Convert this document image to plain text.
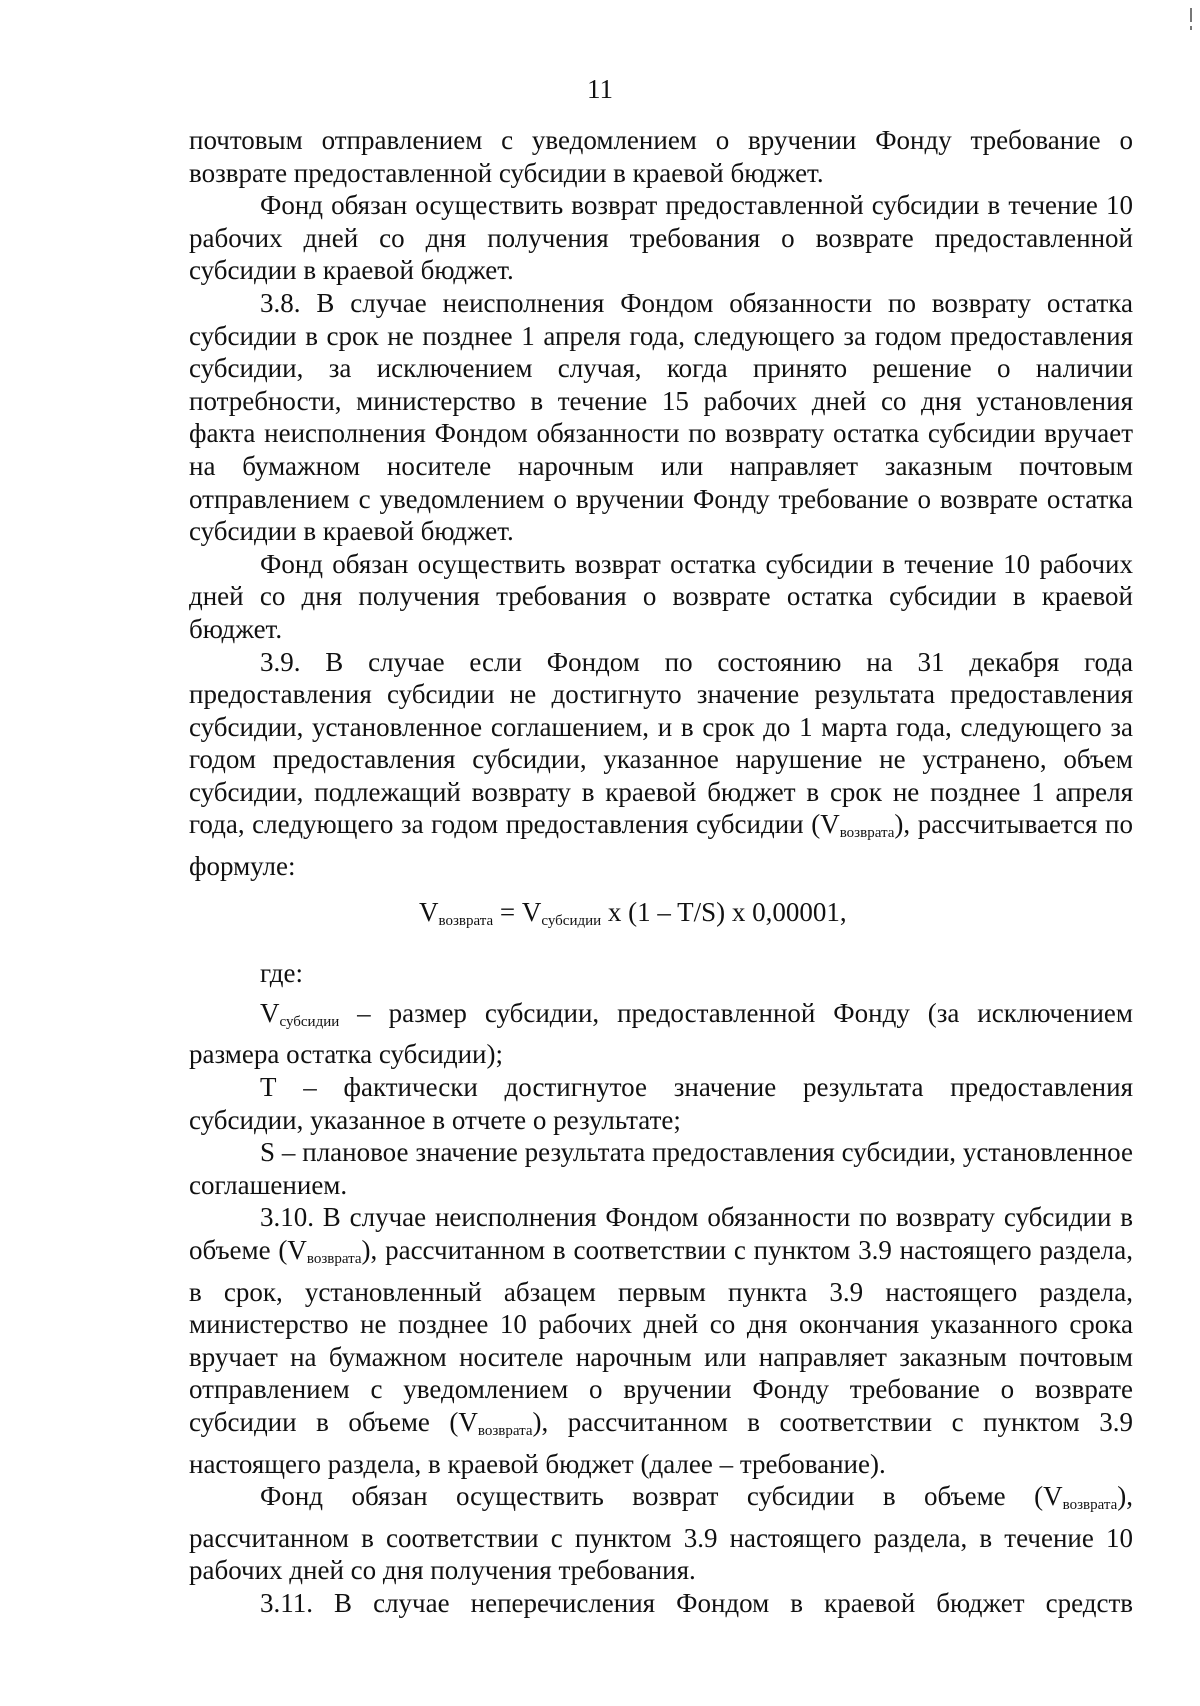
11

почтовым отправлением с уведомлением о вручении Фонду требование о возврате предоставленной субсидии в краевой бюджет.

Фонд обязан осуществить возврат предоставленной субсидии в течение 10 рабочих дней со дня получения требования о возврате предоставленной субсидии в краевой бюджет.

3.8. В случае неисполнения Фондом обязанности по возврату остатка субсидии в срок не позднее 1 апреля года, следующего за годом предоставления субсидии, за исключением случая, когда принято решение о наличии потребности, министерство в течение 15 рабочих дней со дня установления факта неисполнения Фондом обязанности по возврату остатка субсидии вручает на бумажном носителе нарочным или направляет заказным почтовым отправлением с уведомлением о вручении Фонду требование о возврате остатка субсидии в краевой бюджет.

Фонд обязан осуществить возврат остатка субсидии в течение 10 рабочих дней со дня получения требования о возврате остатка субсидии в краевой бюджет.

3.9. В случае если Фондом по состоянию на 31 декабря года предоставления субсидии не достигнуто значение результата предоставления субсидии, установленное соглашением, и в срок до 1 марта года, следующего за годом предоставления субсидии, указанное нарушение не устранено, объем субсидии, подлежащий возврату в краевой бюджет в срок не позднее 1 апреля года, следующего за годом предоставления субсидии $(V_{возврата})$, рассчитывается по формуле:

$V_{возврата} = V_{субсидии}$ x (1 – T/S) x 0,00001,

где:

$V_{субсидии}$ – размер субсидии, предоставленной Фонду (за исключением размера остатка субсидии);

Т – фактически достигнутое значение результата предоставления субсидии, указанное в отчете о результате;

S – плановое значение результата предоставления субсидии, установленное соглашением.

3.10. В случае неисполнения Фондом обязанности по возврату субсидии в объеме $(V_{возврата})$, рассчитанном в соответствии с пунктом 3.9 настоящего раздела, в срок, установленный абзацем первым пункта 3.9 настоящего раздела, министерство не позднее 10 рабочих дней со дня окончания указанного срока вручает на бумажном носителе нарочным или направляет заказным почтовым отправлением с уведомлением о вручении Фонду требование о возврате субсидии в объеме $(V_{возврата})$, рассчитанном в соответствии с пунктом 3.9 настоящего раздела, в краевой бюджет (далее – требование).

Фонд обязан осуществить возврат субсидии в объеме $(V_{возврата})$, рассчитанном в соответствии с пунктом 3.9 настоящего раздела, в течение 10 рабочих дней со дня получения требования.

3.11. В случае неперечисления Фондом в краевой бюджет средств
